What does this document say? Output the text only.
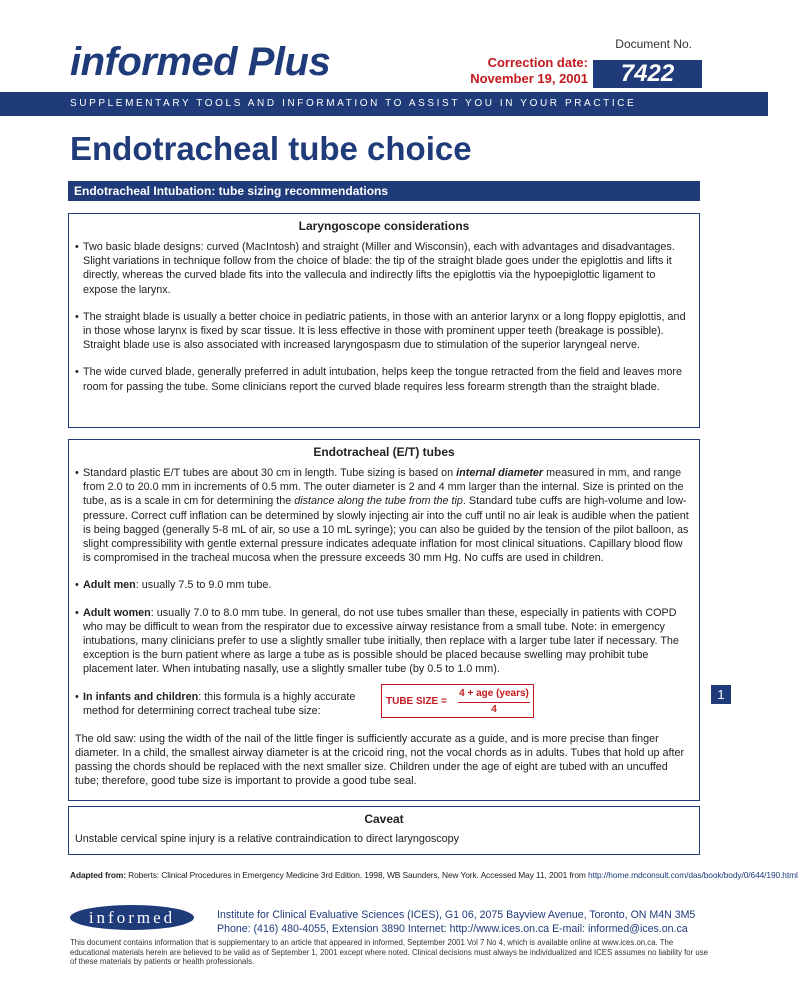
informed Plus	Document No.
Correction date:
November 19, 2001	7422
SUPPLEMENTARY TOOLS AND INFORMATION TO ASSIST YOU IN YOUR PRACTICE
Endotracheal tube choice
Endotracheal Intubation: tube sizing recommendations
Laryngoscope considerations

• Two basic blade designs: curved (MacIntosh) and straight (Miller and Wisconsin), each with advantages and disadvantages. Slight variations in technique follow from the choice of blade: the tip of the straight blade goes under the epiglottis and lifts it directly, whereas the curved blade fits into the vallecula and indirectly lifts the epiglottis via the hypoepiglottic ligament to expose the larynx.

• The straight blade is usually a better choice in pediatric patients, in those with an anterior larynx or a long floppy epiglottis, and in those whose larynx is fixed by scar tissue. It is less effective in those with prominent upper teeth (breakage is possible). Straight blade use is also associated with increased laryngospasm due to stimulation of the superior laryngeal nerve.

• The wide curved blade, generally preferred in adult intubation, helps keep the tongue retracted from the field and leaves more room for passing the tube. Some clinicians report the curved blade requires less forearm strength than the straight blade.

Endotracheal (E/T) tubes

• Standard plastic E/T tubes are about 30 cm in length. Tube sizing is based on internal diameter measured in mm, and range from 2.0 to 20.0 mm in increments of 0.5 mm. The outer diameter is 2 and 4 mm larger than the internal. Size is printed on the tube, as is a scale in cm for determining the distance along the tube from the tip. Standard tube cuffs are high-volume and low-pressure. Correct cuff inflation can be determined by slowly injecting air into the cuff until no air leak is audible when the patient is being bagged (generally 5-8 mL of air, so use a 10 mL syringe); you can also be guided by the tension of the pilot balloon, as slight compressibility with gentle external pressure indicates adequate inflation for most clinical situations. Capillary blood flow is compromised in the tracheal mucosa when the pressure exceeds 30 mm Hg. No cuffs are used in children.

• Adult men: usually 7.5 to 9.0 mm tube.

• Adult women: usually 7.0 to 8.0 mm tube. In general, do not use tubes smaller than these, especially in patients with COPD who may be difficult to wean from the respirator due to excessive airway resistance from a small tube. Note: in emergency intubations, many clinicians prefer to use a slightly smaller tube initially, then replace with a larger tube later if necessary. The exception is the burn patient where as large a tube as is possible should be placed because swelling may prohibit tube placement later. When intubating nasally, use a slightly smaller tube (by 0.5 to 1.0 mm).

• In infants and children: this formula is a highly accurate method for determining correct tracheal tube size:

TUBE SIZE =
4 + age (years)
4

The old saw: using the width of the nail of the little finger is sufficiently accurate as a guide, and is more precise than finger diameter. In a child, the smallest airway diameter is at the cricoid ring, not the vocal chords as in adults. Tubes that hold up after passing the chords should be replaced with the next smaller size. Children under the age of eight are tubed with an uncuffed tube; therefore, good tube size is important to provide a good tube seal.

1
Caveat

Unstable cervical spine injury is a relative contraindication to direct laryngoscopy

Adapted from: Roberts: Clinical Procedures in Emergency Medicine 3rd Edition. 1998, WB Saunders, New York. Accessed May 11, 2001 from http://home.mdconsult.com/das/book/body/0/644/190.html
informed	Institute for Clinical Evaluative Sciences (ICES), G1 06, 2075 Bayview Avenue, Toronto, ON M4N 3M5
Phone: (416) 480-4055, Extension 3890 Internet: http://www.ices.on.ca E-mail: informed@ices.on.ca
This document contains information that is supplementary to an article that appeared in informed, September 2001 Vol 7 No 4, which is available online at www.ices.on.ca. The educational materials herein are believed to be valid as of September 1, 2001 except where noted. Clinical decisions must always be individualized and ICES assumes no liability for use of these materials by patients or health professionals.
